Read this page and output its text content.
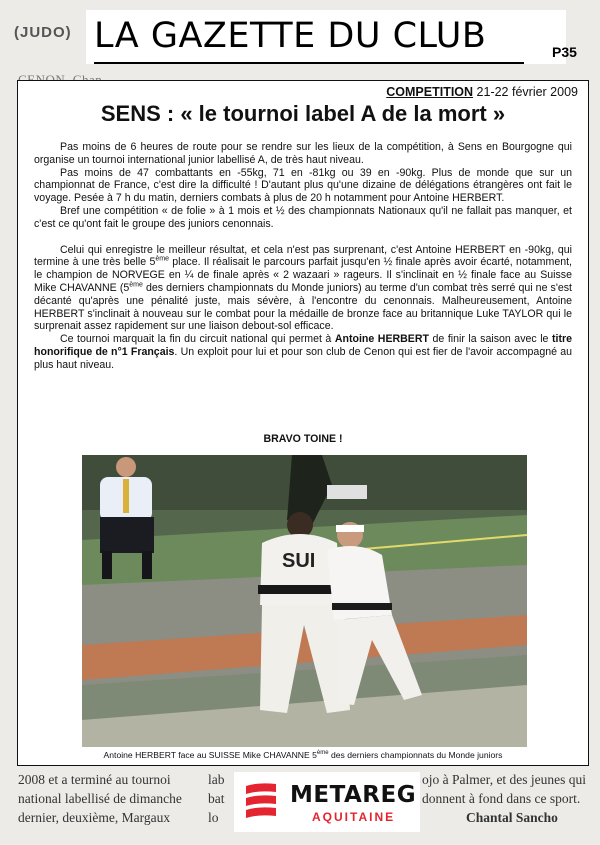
(JUDO) LA GAZETTE DU CLUB	P35
COMPETITION 21-22 février 2009
SENS : « le tournoi label A de la mort »

Pas moins de 6 heures de route pour se rendre sur les lieux de la compétition, à Sens en Bourgogne qui organise un tournoi international junior labellisé A, de très haut niveau.

Pas moins de 47 combattants en -55kg, 71 en -81kg ou 39 en -90kg. Plus de monde que sur un championnat de France, c'est dire la difficulté ! D'autant plus qu'une dizaine de délégations étrangères ont fait le voyage. Pesée à 7 h du matin, derniers combats à plus de 20 h notamment pour Antoine HERBERT.

Bref une compétition « de folie » à 1 mois et ½ des championnats Nationaux qu'il ne fallait pas manquer, et c'est ce qu'ont fait le groupe des juniors cenonnais.

Celui qui enregistre le meilleur résultat, et cela n'est pas surprenant, c'est Antoine HERBERT en -90kg, qui termine à une très belle 5ème place. Il réalisait le parcours parfait jusqu'en ½ finale après avoir écarté, notamment, le champion de NORVEGE en ¼ de finale après « 2 wazaari » rageurs. Il s'inclinait en ½ finale face au Suisse Mike CHAVANNE (5ème des derniers championnats du Monde juniors) au terme d'un combat très serré qui ne s'est décanté qu'après une pénalité juste, mais sévère, à l'encontre du cenonnais. Malheureusement, Antoine HERBERT s'inclinait à nouveau sur le combat pour la médaille de bronze face au britannique Luke TAYLOR qui le surprenait assez rapidement sur une liaison debout-sol efficace.

Ce tournoi marquait la fin du circuit national qui permet à Antoine HERBERT de finir la saison avec le titre honorifique de n°1 Français. Un exploit pour lui et pour son club de Cenon qui est fier de l'avoir accompagné au plus haut niveau.

BRAVO TOINE !
SUI
Antoine HERBERT face au SUISSE Mike CHAVANNE 5ème des derniers championnats du Monde juniors
2008 et a terminé au tournoi
national labellisé de dimanche
dernier, deuxième, Margaux
lab
bat
lo
ojo à Palmer, et des jeunes qui
donnent à fond dans ce sport.
Chantal Sancho
METAREG
AQUITAINE
